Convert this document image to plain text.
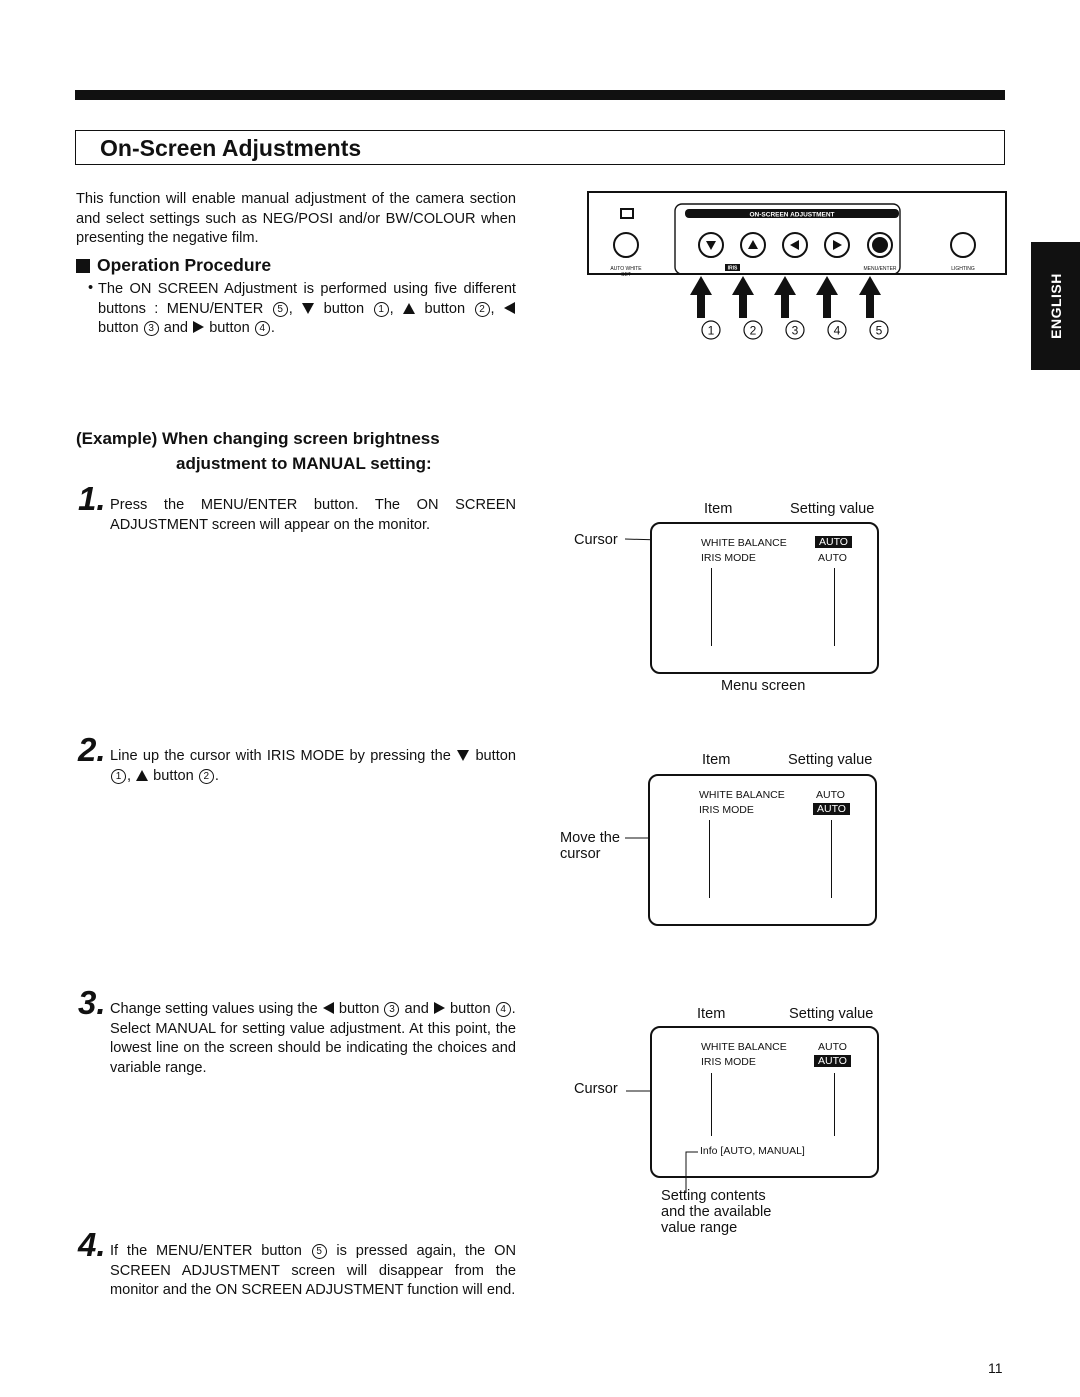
On-Screen Adjustments
ENGLISH
This function will enable manual adjustment of the camera section and select settings such as NEG/POSI and/or BW/COLOUR when presenting the negative film.
Operation Procedure
• The ON SCREEN Adjustment is performed using five different buttons : MENU/ENTER 5 ,  button 1 ,  button 2 ,  button 3 and button 4 .
ON-SCREEN ADJUSTMENT
IRIS
AUTO WHITE
SET
MENU/ENTER	LIGHTING
1	2	3	4	5
(Example) When changing screen brightness
adjustment to MANUAL setting:
1. Press the MENU/ENTER button. The ON SCREEN ADJUSTMENT screen will appear on the monitor.
2. Line up the cursor with IRIS MODE by pressing the button 1 ,  button 2 .
3. Change setting values using the button 3 and button 4 .
Select MANUAL for setting value adjustment. At this point, the lowest line on the screen should be indicating the choices and variable range.
4. If the MENU/ENTER button 5 is pressed again, the ON SCREEN ADJUSTMENT screen will disappear from the monitor and the ON SCREEN ADJUSTMENT function will end.
Item	Setting value
Cursor	WHITE BALANCE	AUTO
IRIS MODE	AUTO
Menu screen
Item	Setting value
Move the
cursor
WHITE BALANCE	AUTO
IRIS MODE	AUTO
Item	Setting value
Cursor
WHITE BALANCE	AUTO
IRIS MODE	AUTO
Info [AUTO, MANUAL]
Setting contents
and the available
value range
11
